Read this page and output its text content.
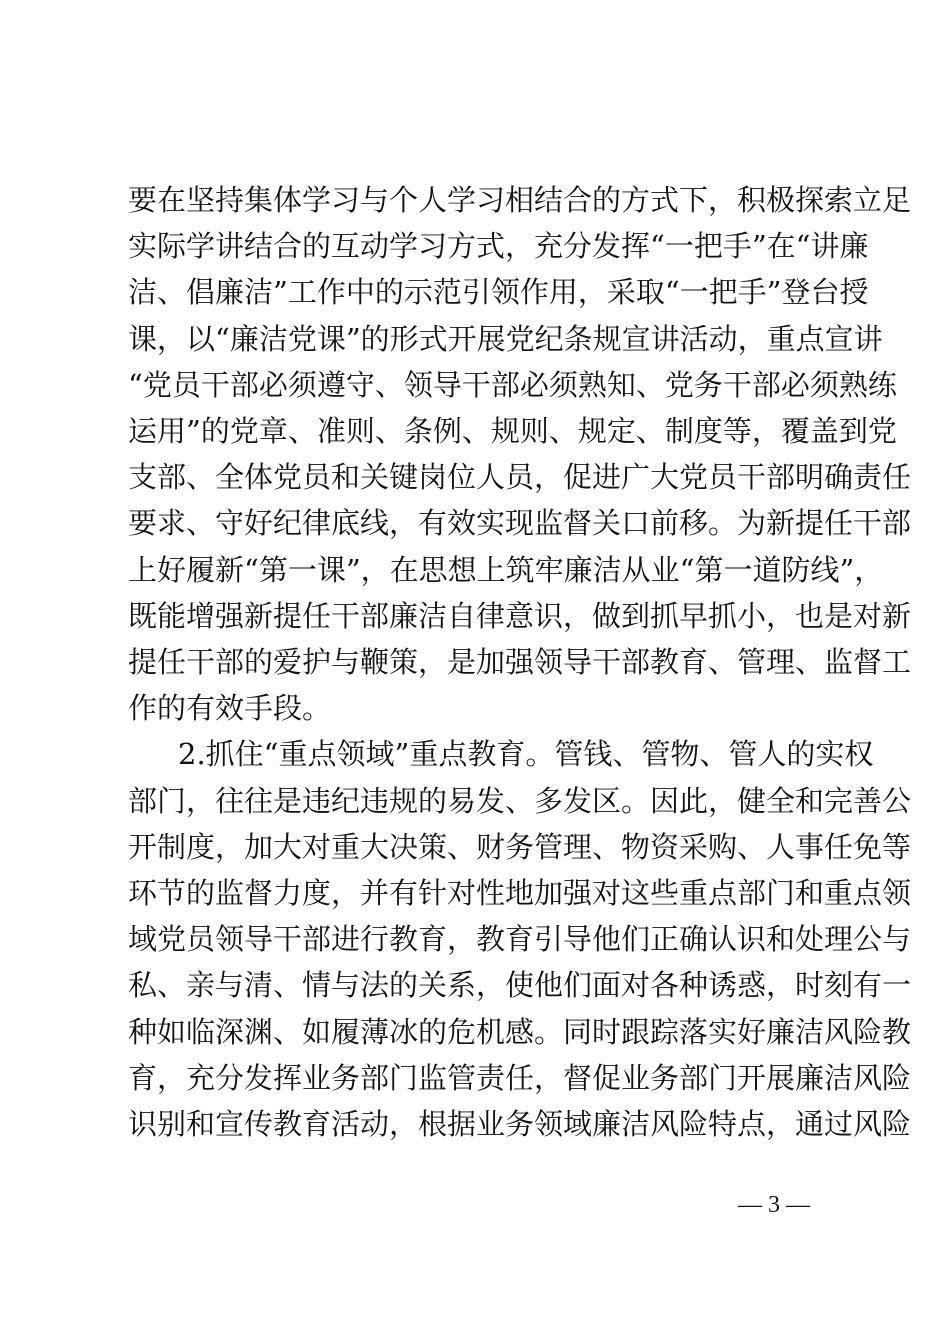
要在坚持集体学习与个人学习相结合的方式下，积极探索立足
实际学讲结合的互动学习方式，充分发挥“一把手”在“讲廉
洁、倡廉洁”工作中的示范引领作用，采取“一把手”登台授
课，以“廉洁党课”的形式开展党纪条规宣讲活动，重点宣讲
“党员干部必须遵守、领导干部必须熟知、党务干部必须熟练
运用”的党章、准则、条例、规则、规定、制度等，覆盖到党
支部、全体党员和关键岗位人员，促进广大党员干部明确责任
要求、守好纪律底线，有效实现监督关口前移。为新提任干部
上好履新“第一课”，在思想上筑牢廉洁从业“第一道防线”，
既能增强新提任干部廉洁自律意识，做到抓早抓小，也是对新
提任干部的爱护与鞭策，是加强领导干部教育、管理、监督工
作的有效手段。
2.抓住“重点领域”重点教育。管钱、管物、管人的实权
部门，往往是违纪违规的易发、多发区。因此，健全和完善公
开制度，加大对重大决策、财务管理、物资采购、人事任免等
环节的监督力度，并有针对性地加强对这些重点部门和重点领
域党员领导干部进行教育，教育引导他们正确认识和处理公与
私、亲与清、情与法的关系，使他们面对各种诱惑，时刻有一
种如临深渊、如履薄冰的危机感。同时跟踪落实好廉洁风险教
育，充分发挥业务部门监管责任，督促业务部门开展廉洁风险
识别和宣传教育活动，根据业务领域廉洁风险特点，通过风险
— 3 —
